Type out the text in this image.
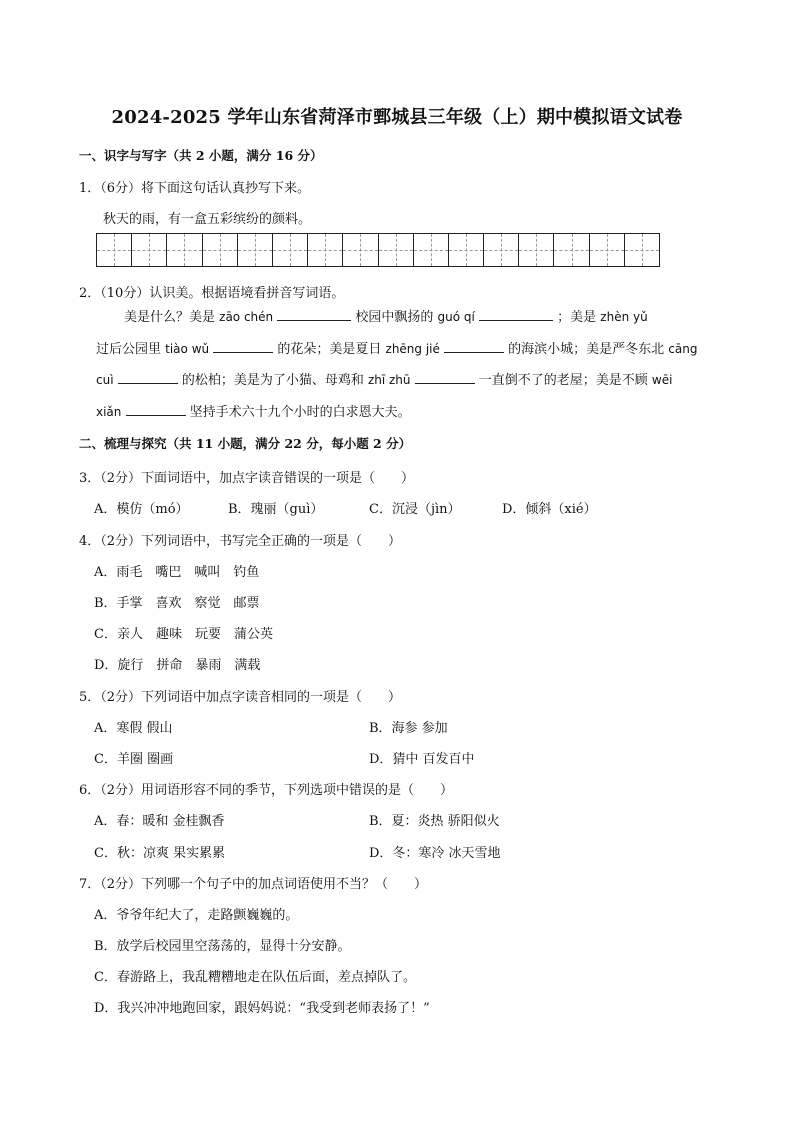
2024-2025 学年山东省菏泽市鄄城县三年级（上）期中模拟语文试卷
一、识字与写字（共 2 小题，满分 16 分）
1．（6分）将下面这句话认真抄写下来。
秋天的雨，有一盒五彩缤纷的颜料。
2．（10分）认识美。根据语境看拼音写词语。

美是什么？美是 zāo chén	校园中飘扬的 guó qí	；美是 zhèn yǔ

过后公园里 tiào wǔ	的花朵；美是夏日 zhēng jié	的海滨小城；美是严冬东北 cāng

cuì	的松柏；美是为了小猫、母鸡和 zhī zhū	一直倒不了的老屋；美是不顾 wēi

xiǎn	坚持手术六十九个小时的白求恩大夫。

二、梳理与探究（共 11 小题，满分 22 分，每小题 2 分）
3．（2分）下面词语中，加点字读音错误的一项是（　　）
A．模仿（mó）	B．瑰丽（guì）	C．沉浸（jìn）	D．倾斜（xié）
4．（2分）下列词语中，书写完全正确的一项是（　　）
A．雨毛　嘴巴　喊叫　钓鱼
B．手掌　喜欢　察觉　邮票
C．亲人　趣味　玩要　蒲公英
D．旋行　拼命　暴雨　满载
5．（2分）下列词语中加点字读音相同的一项是（　　）
A．寒假 假山	B．海参 参加
C．羊圈 圈画	D．猜中 百发百中
6．（2分）用词语形容不同的季节，下列选项中错误的是（　　）
A．春：暖和 金桂飘香	B．夏：炎热 骄阳似火
C．秋：凉爽 果实累累	D．冬：寒冷 冰天雪地
7．（2分）下列哪一个句子中的加点词语使用不当？（　　）
A．爷爷年纪大了，走路颤巍巍的。
B．放学后校园里空荡荡的，显得十分安静。
C．春游路上，我乱糟糟地走在队伍后面，差点掉队了。
D．我兴冲冲地跑回家，跟妈妈说：“我受到老师表扬了！”
